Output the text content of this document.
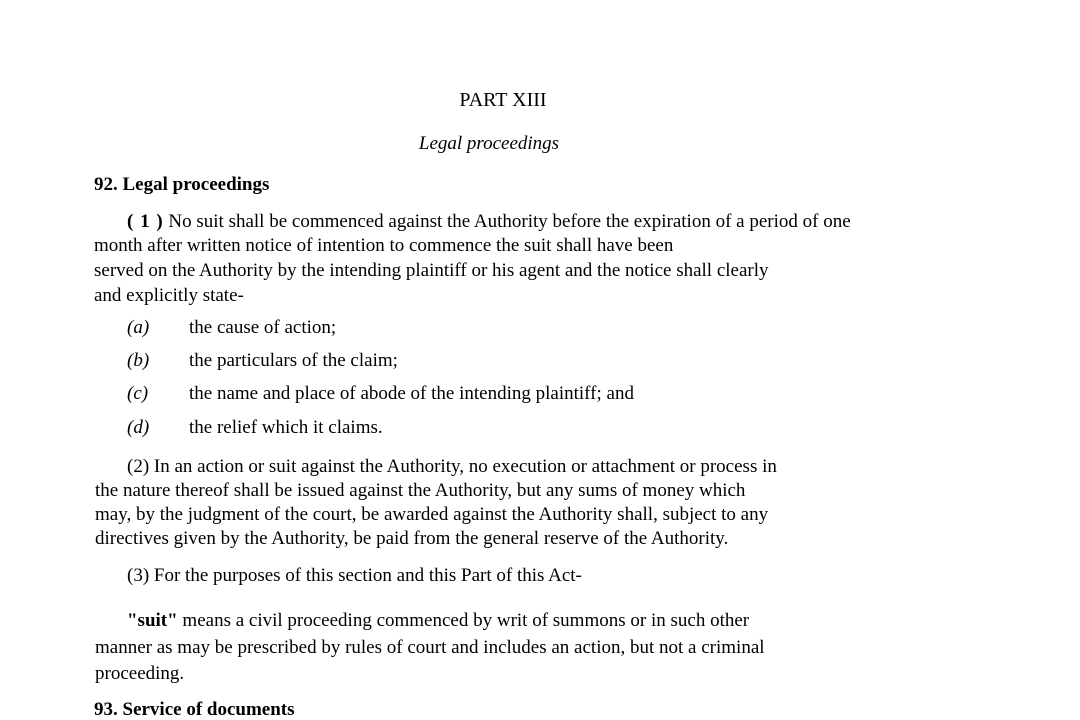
PART XIII
Legal proceedings
92. Legal proceedings
( 1 ) No suit shall be commenced against the Authority before the expiration of a period of one
month after written notice of intention to commence the suit shall have been
served on the Authority by the intending plaintiff or his agent and the notice shall clearly
and explicitly state-
(a) the cause of action;
(b) the particulars of the claim;
(c) the name and place of abode of the intending plaintiff; and
(d) the relief which it claims.
(2) In an action or suit against the Authority, no execution or attachment or process in
the nature thereof shall be issued against the Authority, but any sums of money which
may, by the judgment of the court, be awarded against the Authority shall, subject to any
directives given by the Authority, be paid from the general reserve of the Authority.
(3) For the purposes of this section and this Part of this Act-
"suit" means a civil proceeding commenced by writ of summons or in such other
manner as may be prescribed by rules of court and includes an action, but not a criminal
proceeding.
93. Service of documents
